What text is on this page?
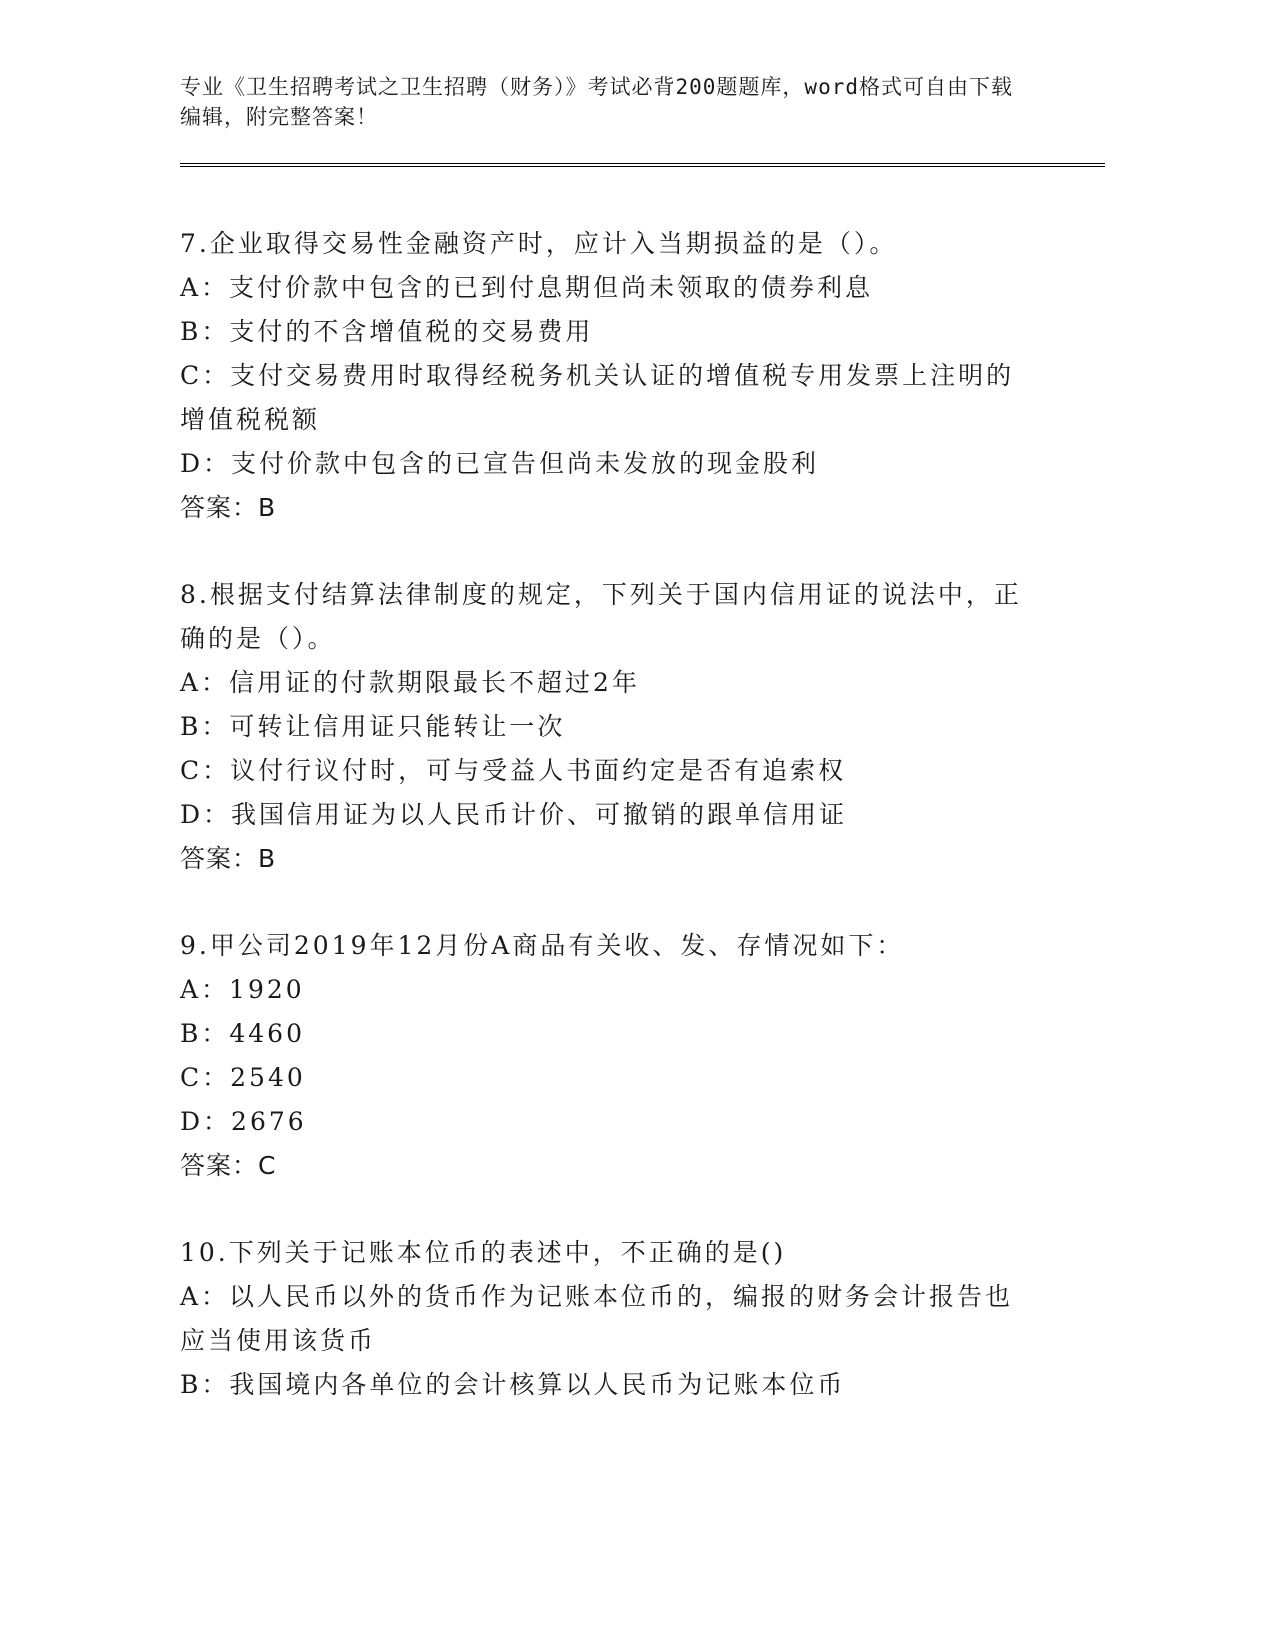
专业《卫生招聘考试之卫生招聘（财务）》考试必背200题题库，word格式可自由下载编辑，附完整答案！
7.企业取得交易性金融资产时，应计入当期损益的是（）。
A：支付价款中包含的已到付息期但尚未领取的债券利息
B：支付的不含增值税的交易费用
C：支付交易费用时取得经税务机关认证的增值税专用发票上注明的增值税税额
D：支付价款中包含的已宣告但尚未发放的现金股利
答案：B
8.根据支付结算法律制度的规定，下列关于国内信用证的说法中，正确的是（）。
A：信用证的付款期限最长不超过2年
B：可转让信用证只能转让一次
C：议付行议付时，可与受益人书面约定是否有追索权
D：我国信用证为以人民币计价、可撤销的跟单信用证
答案：B
9.甲公司2019年12月份A商品有关收、发、存情况如下：
A：1920
B：4460
C：2540
D：2676
答案：C
10.下列关于记账本位币的表述中，不正确的是()
A：以人民币以外的货币作为记账本位币的，编报的财务会计报告也应当使用该货币
B：我国境内各单位的会计核算以人民币为记账本位币
